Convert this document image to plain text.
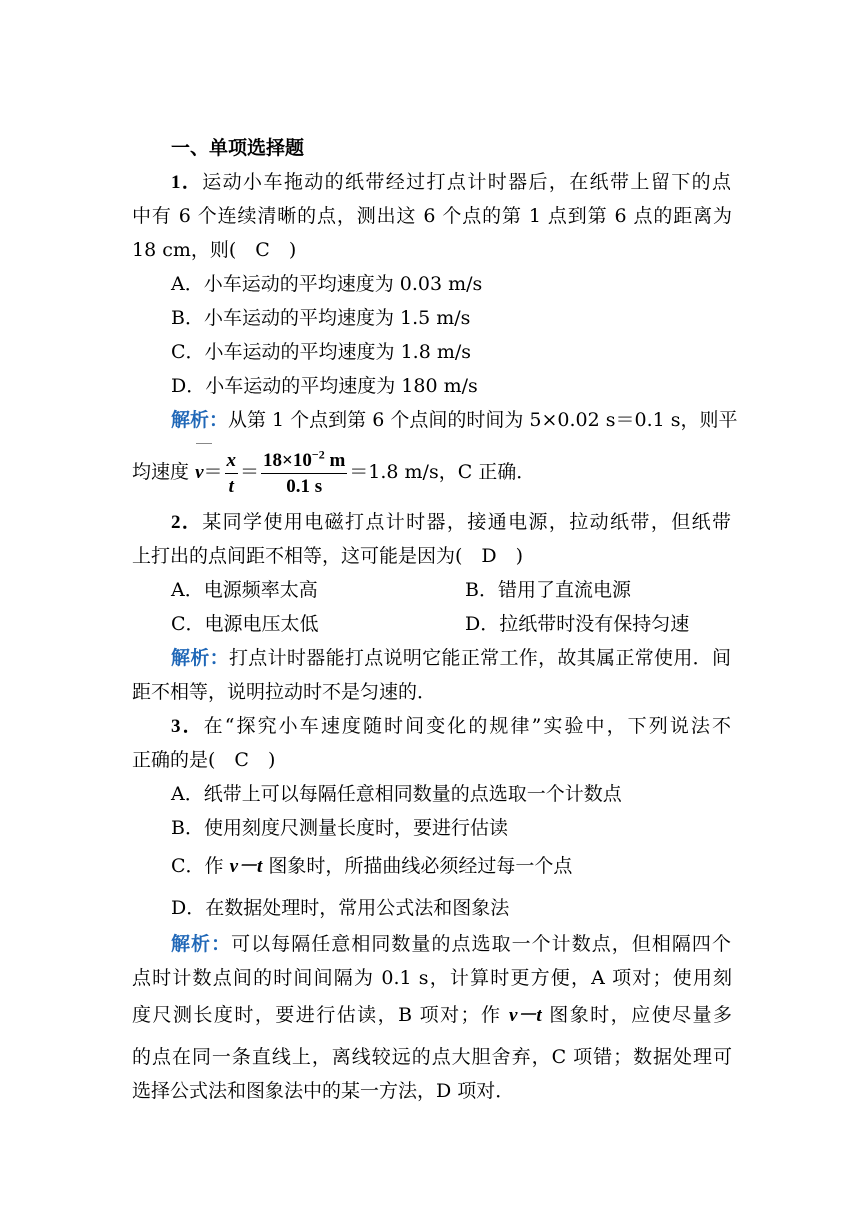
一、单项选择题
1．运动小车拖动的纸带经过打点计时器后，在纸带上留下的点
中有 6 个连续清晰的点，测出这 6 个点的第 1 点到第 6 点的距离为
18 cm，则(　C　)
A．小车运动的平均速度为 0.03 m/s
B．小车运动的平均速度为 1.5 m/s
C．小车运动的平均速度为 1.8 m/s
D．小车运动的平均速度为 180 m/s
解析：从第 1 个点到第 6 个点间的时间为 5×0.02 s＝0.1 s，则平
均速度 $v= \frac{x}{t} = \frac{18\times 10^{-2} m}{0.1 s} =1.8$ m/s，C 正确．
2．某同学使用电磁打点计时器，接通电源，拉动纸带，但纸带
上打出的点间距不相等，这可能是因为(　D　)
A．电源频率太高	B．错用了直流电源
C．电源电压太低	D．拉纸带时没有保持匀速
解析：打点计时器能打点说明它能正常工作，故其属正常使用．间
距不相等，说明拉动时不是匀速的．
3．在“探究小车速度随时间变化的规律”实验中，下列说法不
正确的是(　C　)
A．纸带上可以每隔任意相同数量的点选取一个计数点
B．使用刻度尺测量长度时，要进行估读
C．作 v－t 图象时，所描曲线必须经过每一个点
D．在数据处理时，常用公式法和图象法
解析：可以每隔任意相同数量的点选取一个计数点，但相隔四个
点时计数点间的时间间隔为 0.1 s，计算时更方便，A 项对；使用刻
度尺测长度时，要进行估读，B 项对；作 v－t 图象时，应使尽量多
的点在同一条直线上，离线较远的点大胆舍弃，C 项错；数据处理可
选择公式法和图象法中的某一方法，D 项对．
